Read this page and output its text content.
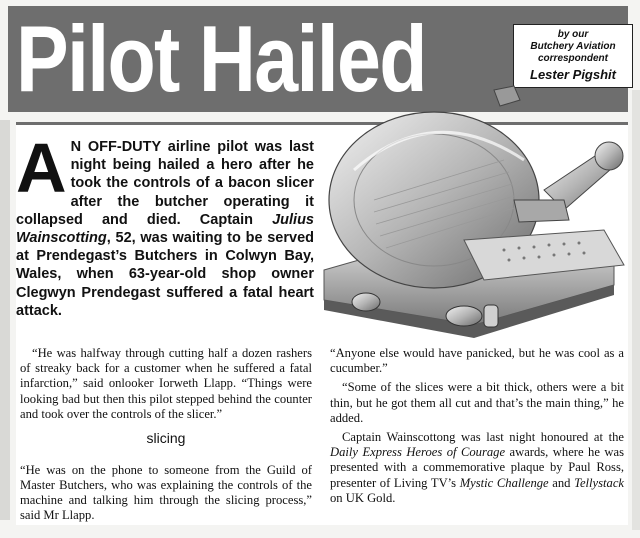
Pilot Hailed	by our
Butchery Aviation
correspondent
Lester Pigshit
A N OFF-DUTY airline pilot was last night being hailed a hero after he took the controls of a bacon slicer after the butcher operating it collapsed and died. Captain Julius Wainscotting, 52, was waiting to be served at Prendegast’s Butchers in Colwyn Bay, Wales, when 63-year-old shop owner Clegwyn Prendegast suffered a fatal heart attack.

“He was halfway through cutting half a dozen rashers of streaky back for a customer when he suffered a fatal infarction,” said onlooker Iorweth Llapp. “Things were looking bad but then this pilot stepped behind the counter and took over the controls of the slicer.”

slicing

“He was on the phone to someone from the Guild of Master Butchers, who was explaining the controls of the machine and talking him through the slicing process,” said Mr Llapp.

“Anyone else would have panicked, but he was cool as a cucumber.”

“Some of the slices were a bit thick, others were a bit thin, but he got them all cut and that’s the main thing,” he added.

Captain Wainscottong was last night honoured at the Daily Express Heroes of Courage awards, where he was presented with a commemorative plaque by Paul Ross, presenter of Living TV’s Mystic Challenge and Tellystack on UK Gold.
